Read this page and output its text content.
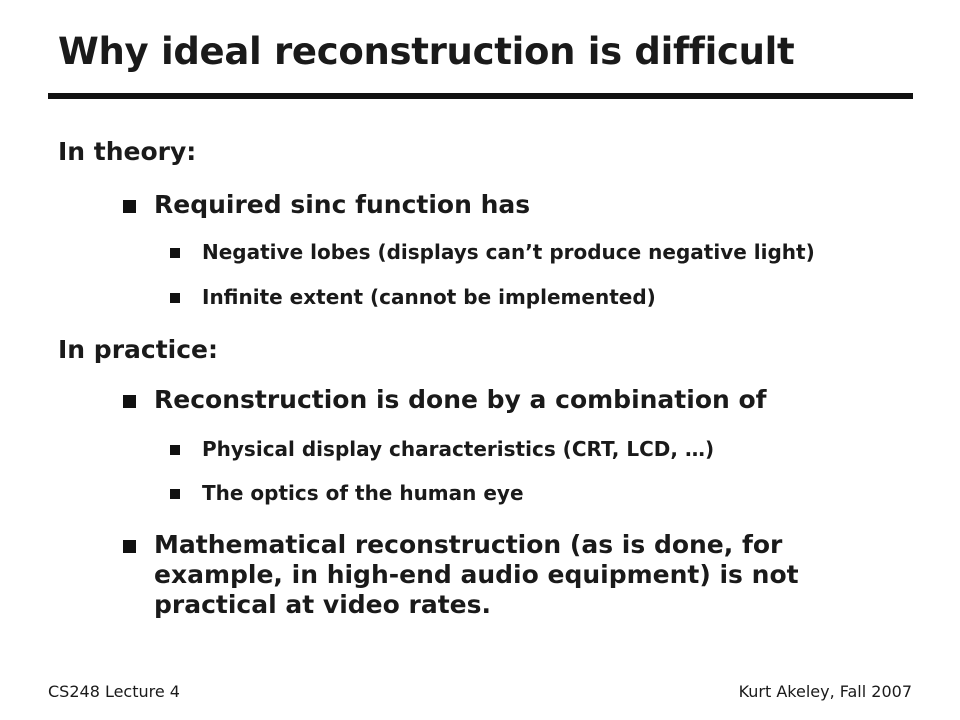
Why ideal reconstruction is difficult

In theory:

Required sinc function has

Negative lobes (displays can’t produce negative light)

Infinite extent (cannot be implemented)

In practice:

Reconstruction is done by a combination of

Physical display characteristics (CRT, LCD, …)

The optics of the human eye

Mathematical reconstruction (as is done, for example, in high-end audio equipment) is not practical at video rates.

CS248 Lecture 4	Kurt Akeley, Fall 2007
